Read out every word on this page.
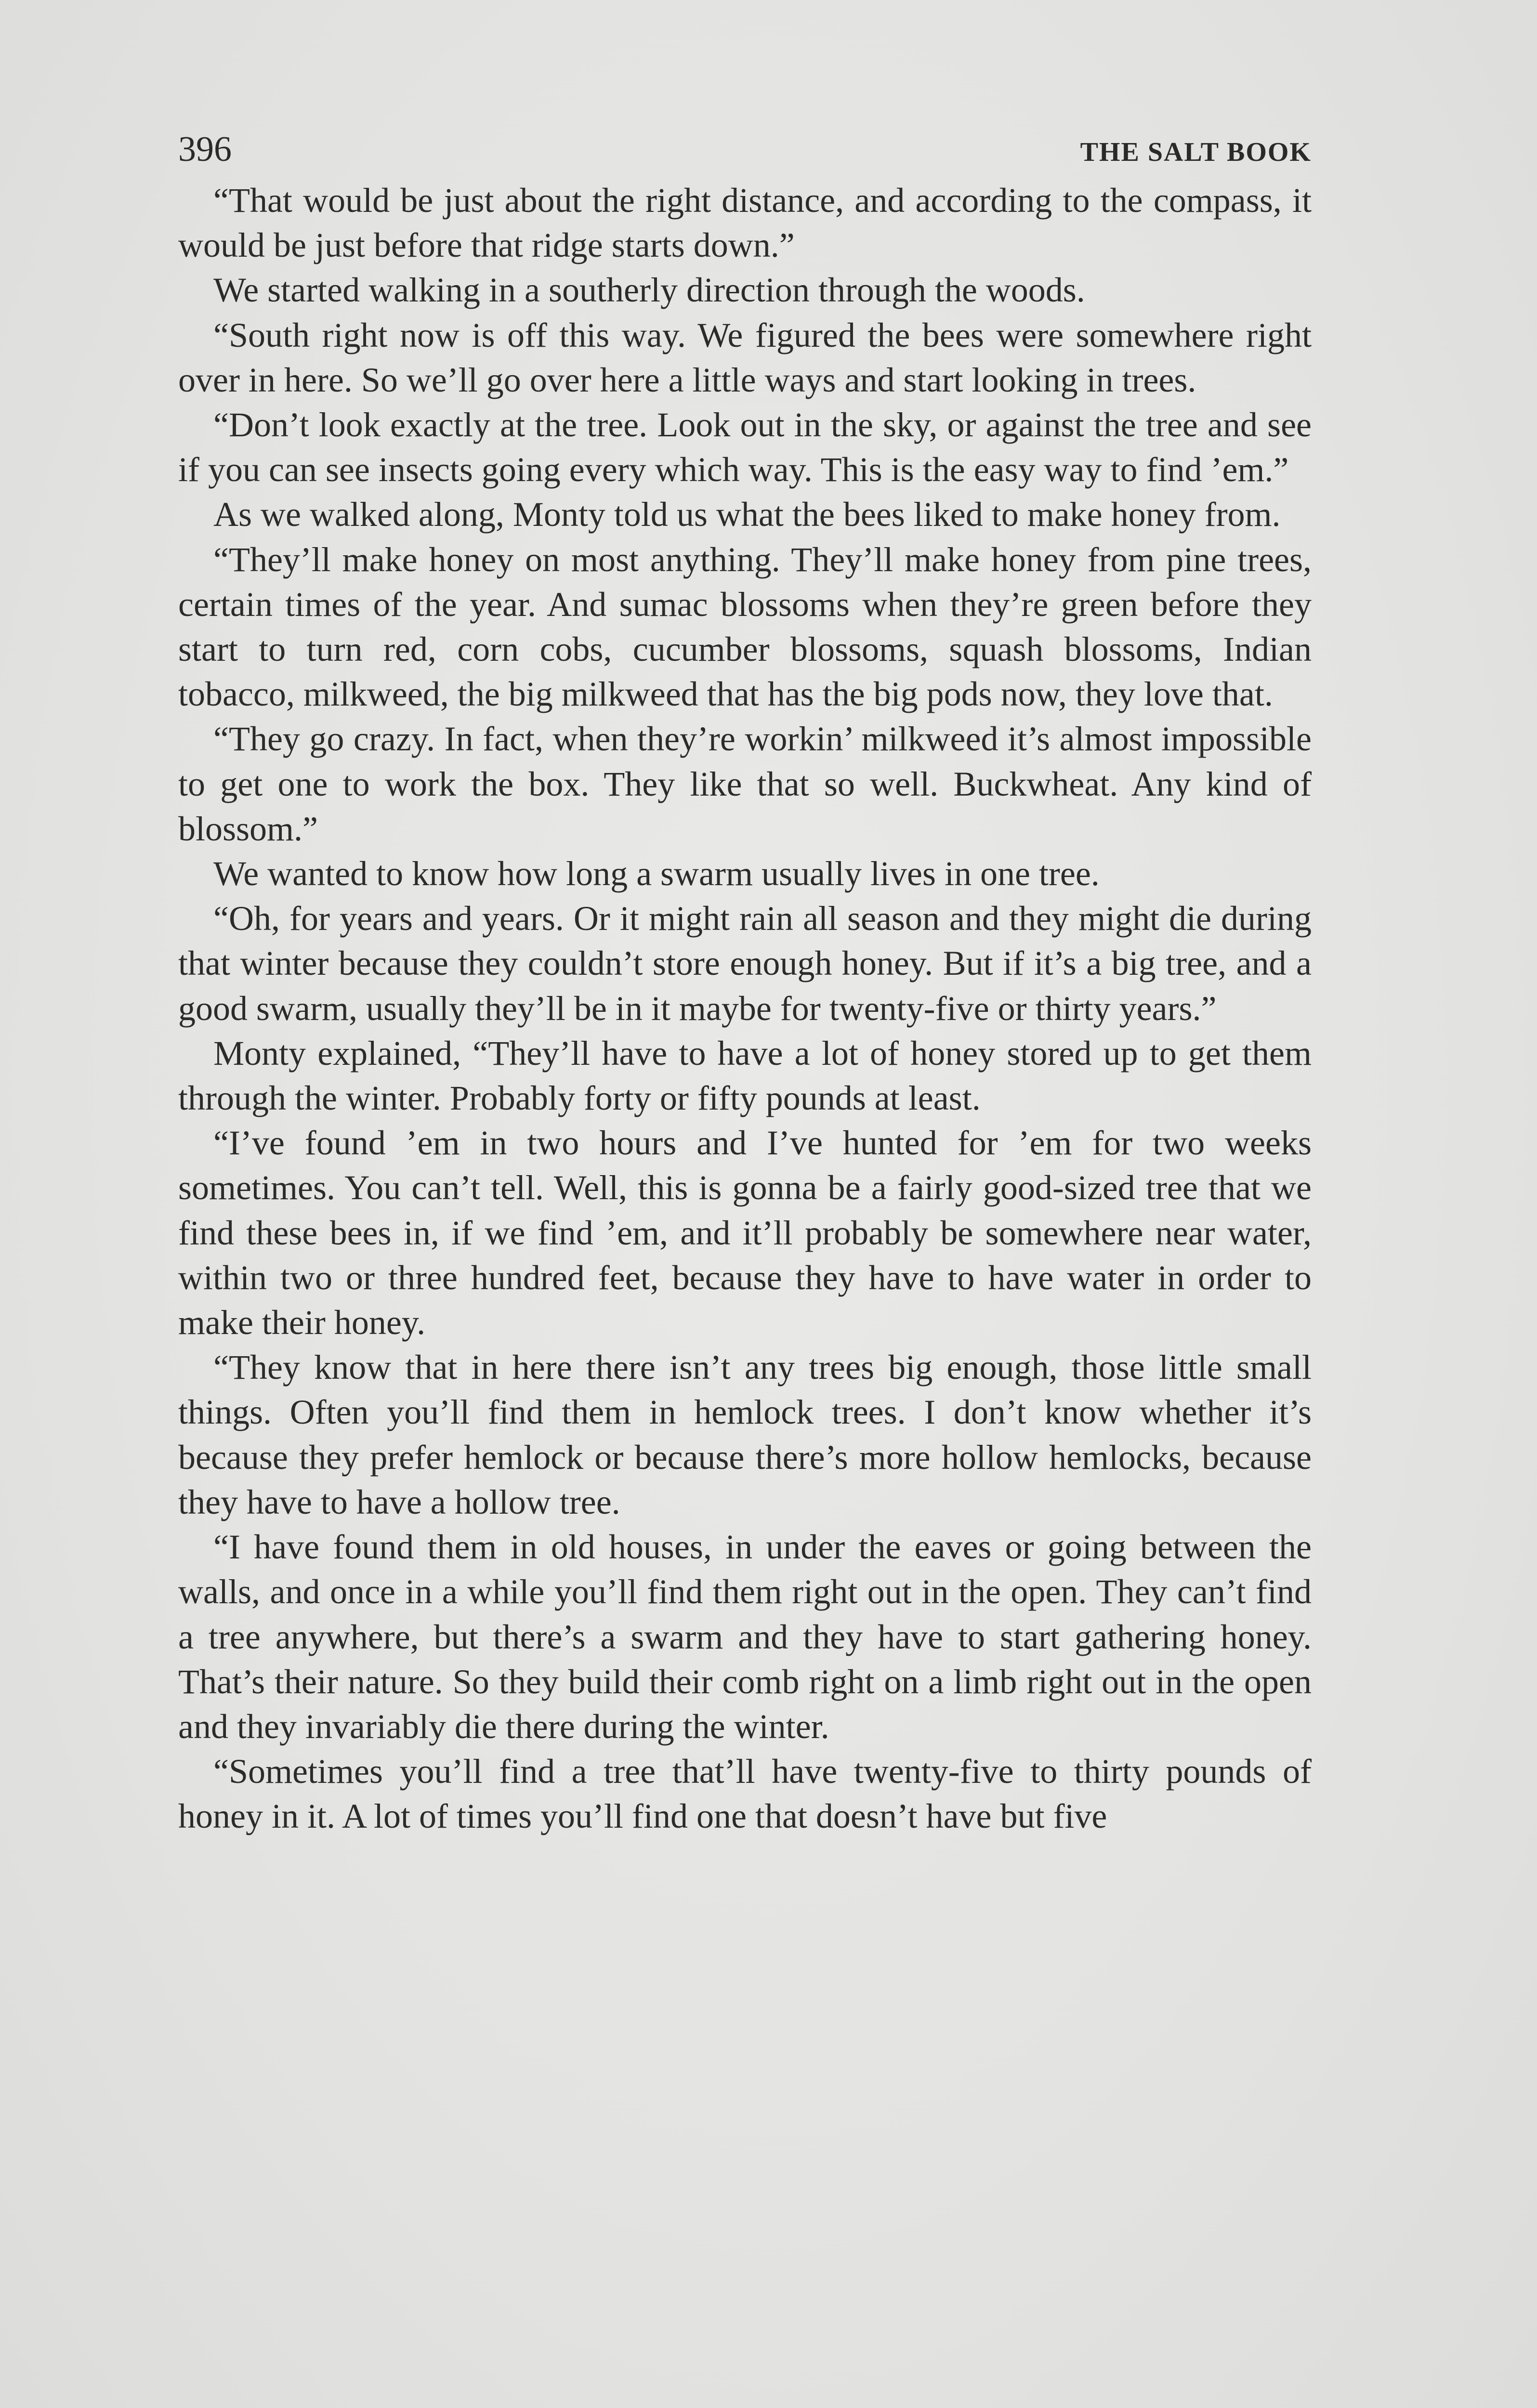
396	THE SALT BOOK

“That would be just about the right distance, and according to the compass, it would be just before that ridge starts down.”

We started walking in a southerly direction through the woods.

“South right now is off this way. We figured the bees were somewhere right over in here. So we’ll go over here a little ways and start looking in trees.

“Don’t look exactly at the tree. Look out in the sky, or against the tree and see if you can see insects going every which way. This is the easy way to find ’em.”

As we walked along, Monty told us what the bees liked to make honey from.

“They’ll make honey on most anything. They’ll make honey from pine trees, certain times of the year. And sumac blossoms when they’re green before they start to turn red, corn cobs, cucumber blossoms, squash blossoms, Indian tobacco, milkweed, the big milkweed that has the big pods now, they love that.

“They go crazy. In fact, when they’re workin’ milkweed it’s almost impossible to get one to work the box. They like that so well. Buckwheat. Any kind of blossom.”

We wanted to know how long a swarm usually lives in one tree.

“Oh, for years and years. Or it might rain all season and they might die during that winter because they couldn’t store enough honey. But if it’s a big tree, and a good swarm, usually they’ll be in it maybe for twenty-five or thirty years.”

Monty explained, “They’ll have to have a lot of honey stored up to get them through the winter. Probably forty or fifty pounds at least.

“I’ve found ’em in two hours and I’ve hunted for ’em for two weeks sometimes. You can’t tell. Well, this is gonna be a fairly good-sized tree that we find these bees in, if we find ’em, and it’ll probably be somewhere near water, within two or three hundred feet, because they have to have water in order to make their honey.

“They know that in here there isn’t any trees big enough, those little small things. Often you’ll find them in hemlock trees. I don’t know whether it’s because they prefer hemlock or because there’s more hollow hemlocks, because they have to have a hollow tree.

“I have found them in old houses, in under the eaves or going between the walls, and once in a while you’ll find them right out in the open. They can’t find a tree anywhere, but there’s a swarm and they have to start gathering honey. That’s their nature. So they build their comb right on a limb right out in the open and they invariably die there during the winter.

“Sometimes you’ll find a tree that’ll have twenty-five to thirty pounds of honey in it. A lot of times you’ll find one that doesn’t have but five
